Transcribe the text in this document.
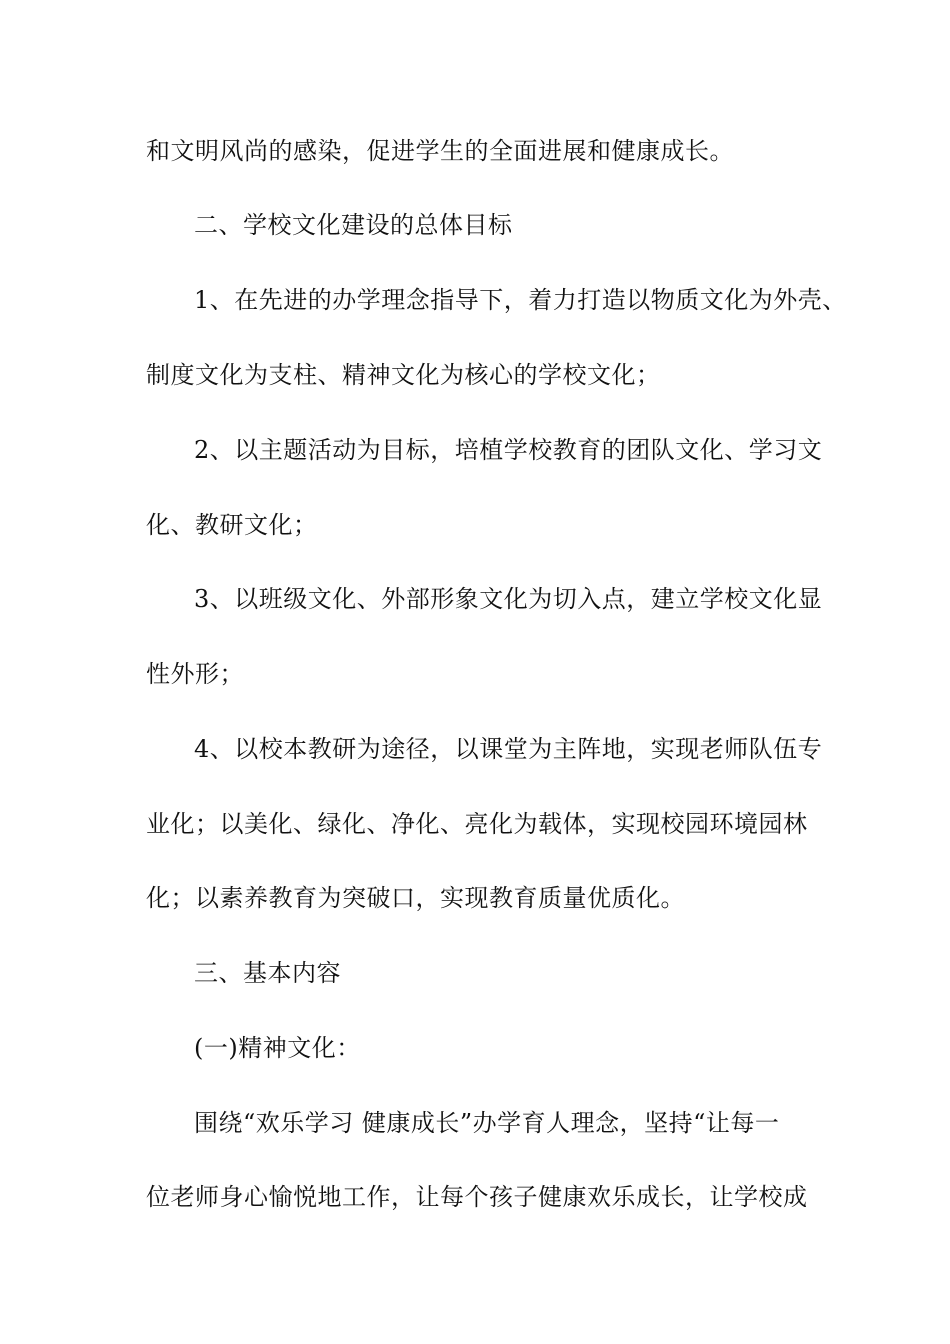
和文明风尚的感染，促进学生的全面进展和健康成长。
二、学校文化建设的总体目标
1、在先进的办学理念指导下，着力打造以物质文化为外壳、
制度文化为支柱、精神文化为核心的学校文化；
2、以主题活动为目标，培植学校教育的团队文化、学习文
化、教研文化；
3、以班级文化、外部形象文化为切入点，建立学校文化显
性外形；
4、以校本教研为途径，以课堂为主阵地，实现老师队伍专
业化；以美化、绿化、净化、亮化为载体，实现校园环境园林
化；以素养教育为突破口，实现教育质量优质化。
三、基本内容
(一)精神文化：
围绕“欢乐学习 健康成长”办学育人理念，坚持“让每一
位老师身心愉悦地工作，让每个孩子健康欢乐成长，让学校成
